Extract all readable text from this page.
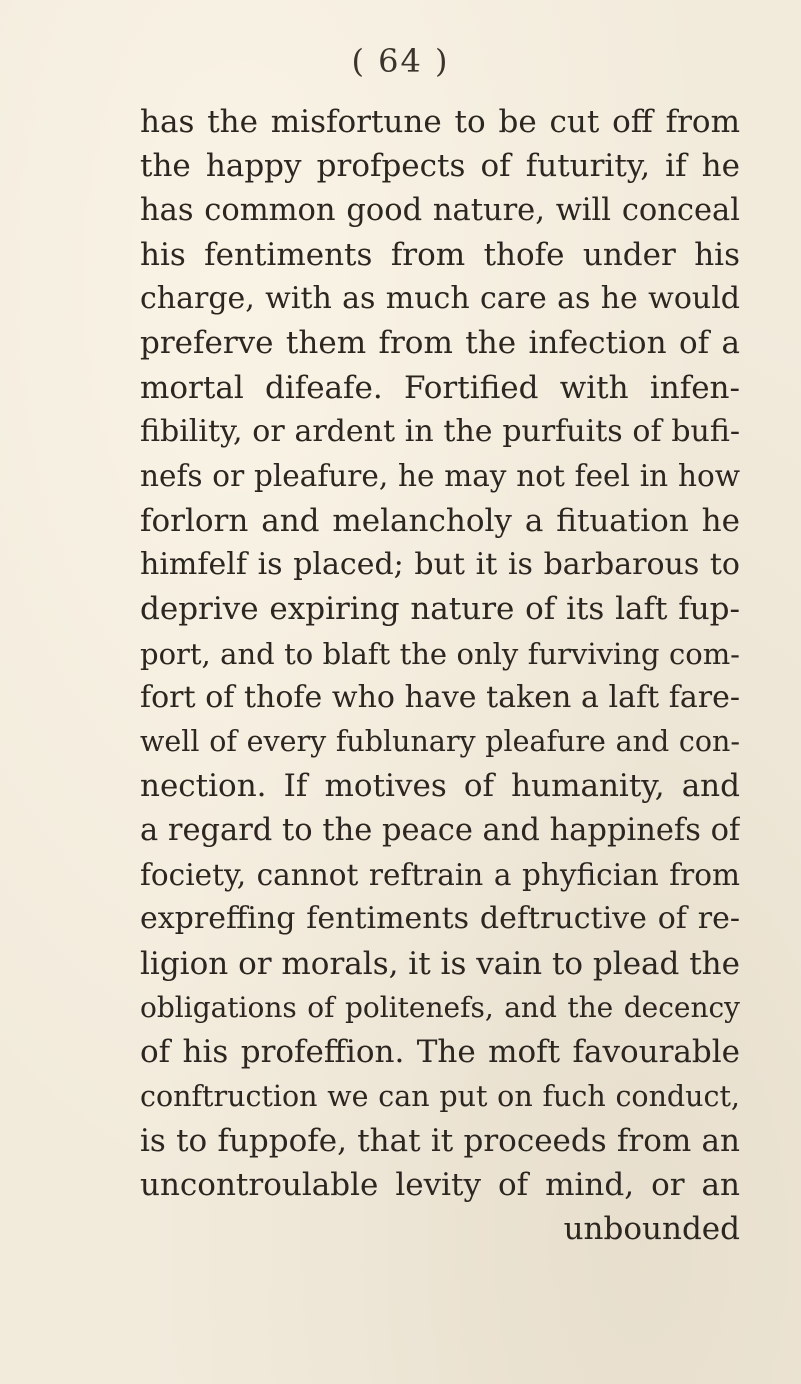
( 64 )
has the misfortune to be cut off from
the happy profpects of futurity, if he
has common good nature, will conceal
his fentiments from thofe under his
charge, with as much care as he would
preferve them from the infection of a
mortal difeafe. Fortified with infen-
fibility, or ardent in the purfuits of bufi-
nefs or pleafure, he may not feel in how
forlorn and melancholy a fituation he
himfelf is placed; but it is barbarous to
deprive expiring nature of its laft fup-
port, and to blaft the only furviving com-
fort of thofe who have taken a laft fare-
well of every fublunary pleafure and con-
nection. If motives of humanity, and
a regard to the peace and happinefs of
fociety, cannot reftrain a phyfician from
expreffing fentiments deftructive of re-
ligion or morals, it is vain to plead the
obligations of politenefs, and the decency
of his profeffion. The moft favourable
conftruction we can put on fuch conduct,
is to fuppofe, that it proceeds from an
uncontroulable levity of mind, or an
unbounded
